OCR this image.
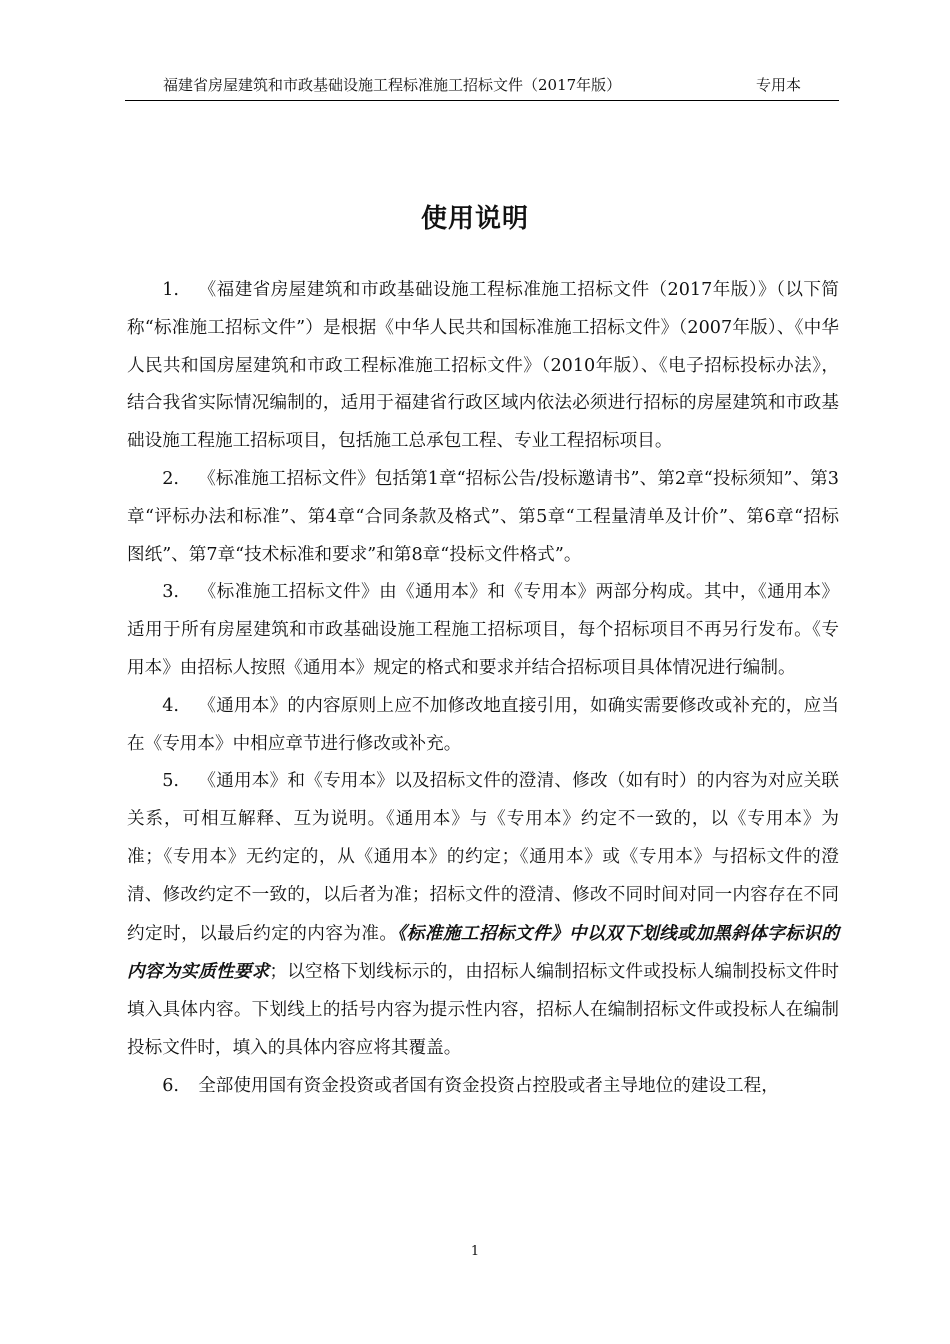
福建省房屋建筑和市政基础设施工程标准施工招标文件（2017年版）	专用本
使用说明

1. 《福建省房屋建筑和市政基础设施工程标准施工招标文件（2017年版）》（以下简称“标准施工招标文件”）是根据《中华人民共和国标准施工招标文件》（2007年版）、《中华人民共和国房屋建筑和市政工程标准施工招标文件》（2010年版）、《电子招标投标办法》，结合我省实际情况编制的，适用于福建省行政区域内依法必须进行招标的房屋建筑和市政基础设施工程施工招标项目，包括施工总承包工程、专业工程招标项目。

2. 《标准施工招标文件》包括第1章“招标公告/投标邀请书”、第2章“投标须知”、第3章“评标办法和标准”、第4章“合同条款及格式”、第5章“工程量清单及计价”、第6章“招标图纸”、第7章“技术标准和要求”和第8章“投标文件格式”。

3. 《标准施工招标文件》由《通用本》和《专用本》两部分构成。其中，《通用本》适用于所有房屋建筑和市政基础设施工程施工招标项目，每个招标项目不再另行发布。《专用本》由招标人按照《通用本》规定的格式和要求并结合招标项目具体情况进行编制。

4. 《通用本》的内容原则上应不加修改地直接引用，如确实需要修改或补充的，应当在《专用本》中相应章节进行修改或补充。

5. 《通用本》和《专用本》以及招标文件的澄清、修改（如有时）的内容为对应关联关系，可相互解释、互为说明。《通用本》与《专用本》约定不一致的，以《专用本》为准；《专用本》无约定的，从《通用本》的约定；《通用本》或《专用本》与招标文件的澄清、修改约定不一致的，以后者为准；招标文件的澄清、修改不同时间对同一内容存在不同约定时，以最后约定的内容为准。《标准施工招标文件》中以双下划线或加黑斜体字标识的内容为实质性要求；以空格下划线标示的，由招标人编制招标文件或投标人编制投标文件时填入具体内容。下划线上的括号内容为提示性内容，招标人在编制招标文件或投标人在编制投标文件时，填入的具体内容应将其覆盖。

6. 全部使用国有资金投资或者国有资金投资占控股或者主导地位的建设工程，

1
